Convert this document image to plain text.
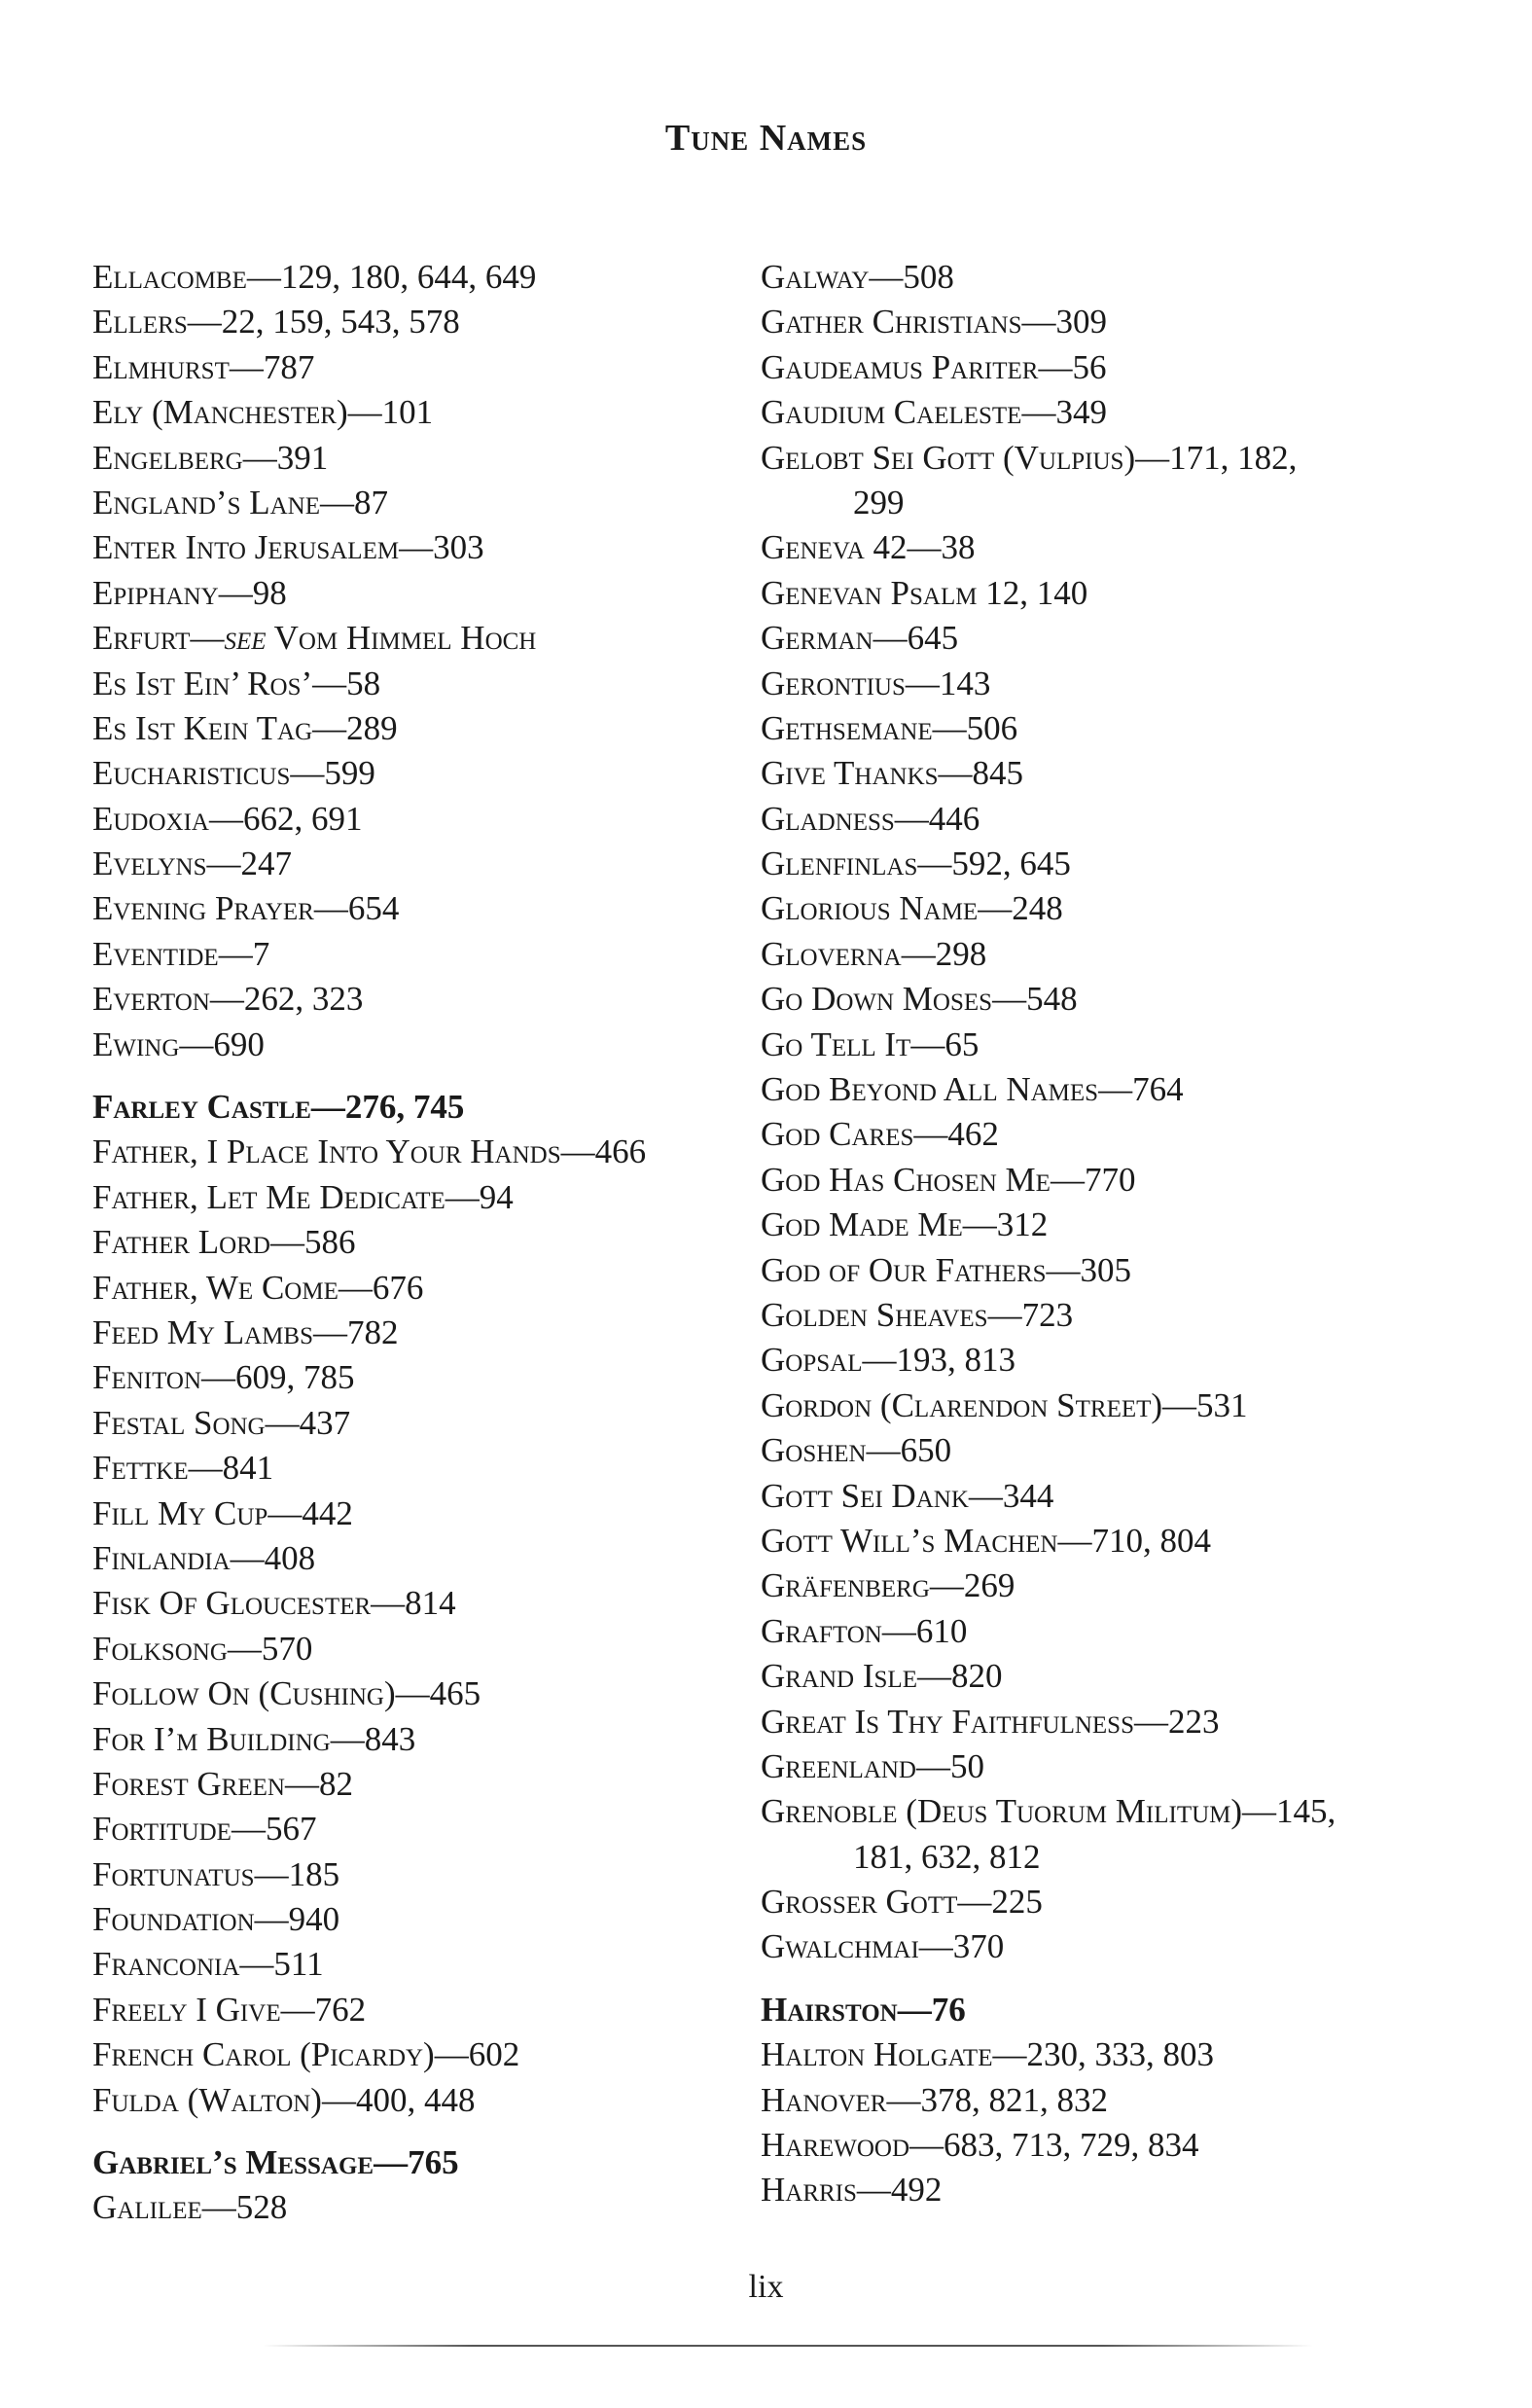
Tune Names
Ellacombe—129, 180, 644, 649
Ellers—22, 159, 543, 578
Elmhurst—787
Ely (Manchester)—101
Engelberg—391
England’s Lane—87
Enter Into Jerusalem—303
Epiphany—98
Erfurt—see Vom Himmel Hoch
Es Ist Ein’ Ros’—58
Es Ist Kein Tag—289
Eucharisticus—599
Eudoxia—662, 691
Evelyns—247
Evening Prayer—654
Eventide—7
Everton—262, 323
Ewing—690
Farley Castle—276, 745
Father, I Place Into Your Hands—466
Father, Let Me Dedicate—94
Father Lord—586
Father, We Come—676
Feed My Lambs—782
Feniton—609, 785
Festal Song—437
Fettke—841
Fill My Cup—442
Finlandia—408
Fisk Of Gloucester—814
Folksong—570
Follow On (Cushing)—465
For I’m Building—843
Forest Green—82
Fortitude—567
Fortunatus—185
Foundation—940
Franconia—511
Freely I Give—762
French Carol (Picardy)—602
Fulda (Walton)—400, 448
Gabriel’s Message—765
Galilee—528
Galway—508
Gather Christians—309
Gaudeamus Pariter—56
Gaudium Caeleste—349
Gelobt Sei Gott (Vulpius)—171, 182,
299
Geneva 42—38
Genevan Psalm 12, 140
German—645
Gerontius—143
Gethsemane—506
Give Thanks—845
Gladness—446
Glenfinlas—592, 645
Glorious Name—248
Gloverna—298
Go Down Moses—548
Go Tell It—65
God Beyond All Names—764
God Cares—462
God Has Chosen Me—770
God Made Me—312
God of Our Fathers—305
Golden Sheaves—723
Gopsal—193, 813
Gordon (Clarendon Street)—531
Goshen—650
Gott Sei Dank—344
Gott Will’s Machen—710, 804
Gräfenberg—269
Grafton—610
Grand Isle—820
Great Is Thy Faithfulness—223
Greenland—50
Grenoble (Deus Tuorum Militum)—145,
181, 632, 812
Grosser Gott—225
Gwalchmai—370
Hairston—76
Halton Holgate—230, 333, 803
Hanover—378, 821, 832
Harewood—683, 713, 729, 834
Harris—492
lix
